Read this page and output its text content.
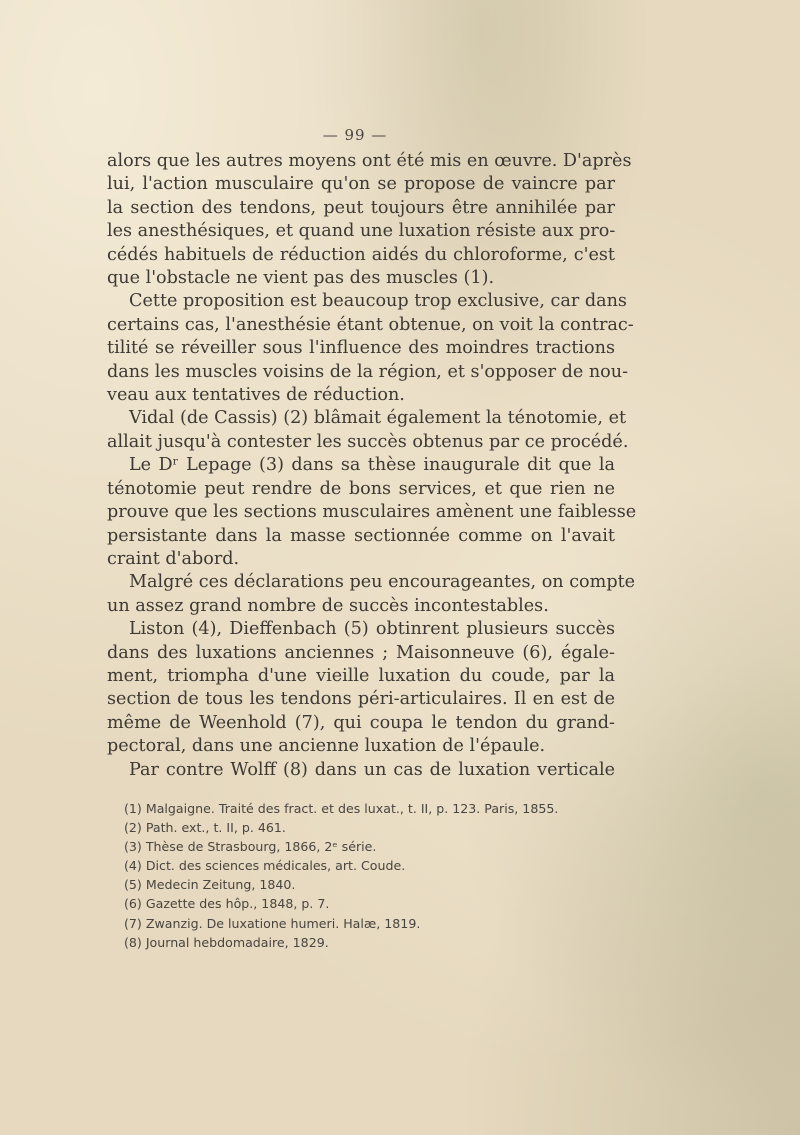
— 99 —
alors que les autres moyens ont été mis en œuvre. D'après
lui, l'action musculaire qu'on se propose de vaincre par
la section des tendons, peut toujours être annihilée par
les anesthésiques, et quand une luxation résiste aux pro-
cédés habituels de réduction aidés du chloroforme, c'est
que l'obstacle ne vient pas des muscles (1).
Cette proposition est beaucoup trop exclusive, car dans
certains cas, l'anesthésie étant obtenue, on voit la contrac-
tilité se réveiller sous l'influence des moindres tractions
dans les muscles voisins de la région, et s'opposer de nou-
veau aux tentatives de réduction.
Vidal (de Cassis) (2) blâmait également la ténotomie, et
allait jusqu'à contester les succès obtenus par ce procédé.
Le Dʳ Lepage (3) dans sa thèse inaugurale dit que la
ténotomie peut rendre de bons services, et que rien ne
prouve que les sections musculaires amènent une faiblesse
persistante dans la masse sectionnée comme on l'avait
craint d'abord.
Malgré ces déclarations peu encourageantes, on compte
un assez grand nombre de succès incontestables.
Liston (4), Dieffenbach (5) obtinrent plusieurs succès
dans des luxations anciennes ; Maisonneuve (6), égale-
ment, triompha d'une vieille luxation du coude, par la
section de tous les tendons péri-articulaires. Il en est de
même de Weenhold (7), qui coupa le tendon du grand-
pectoral, dans une ancienne luxation de l'épaule.
Par contre Wolff (8) dans un cas de luxation verticale
(1) Malgaigne. Traité des fract. et des luxat., t. II, p. 123. Paris, 1855.
(2) Path. ext., t. II, p. 461.
(3) Thèse de Strasbourg, 1866, 2ᵉ série.
(4) Dict. des sciences médicales, art. Coude.
(5) Medecin Zeitung, 1840.
(6) Gazette des hôp., 1848, p. 7.
(7) Zwanzig. De luxatione humeri. Halæ, 1819.
(8) Journal hebdomadaire, 1829.
